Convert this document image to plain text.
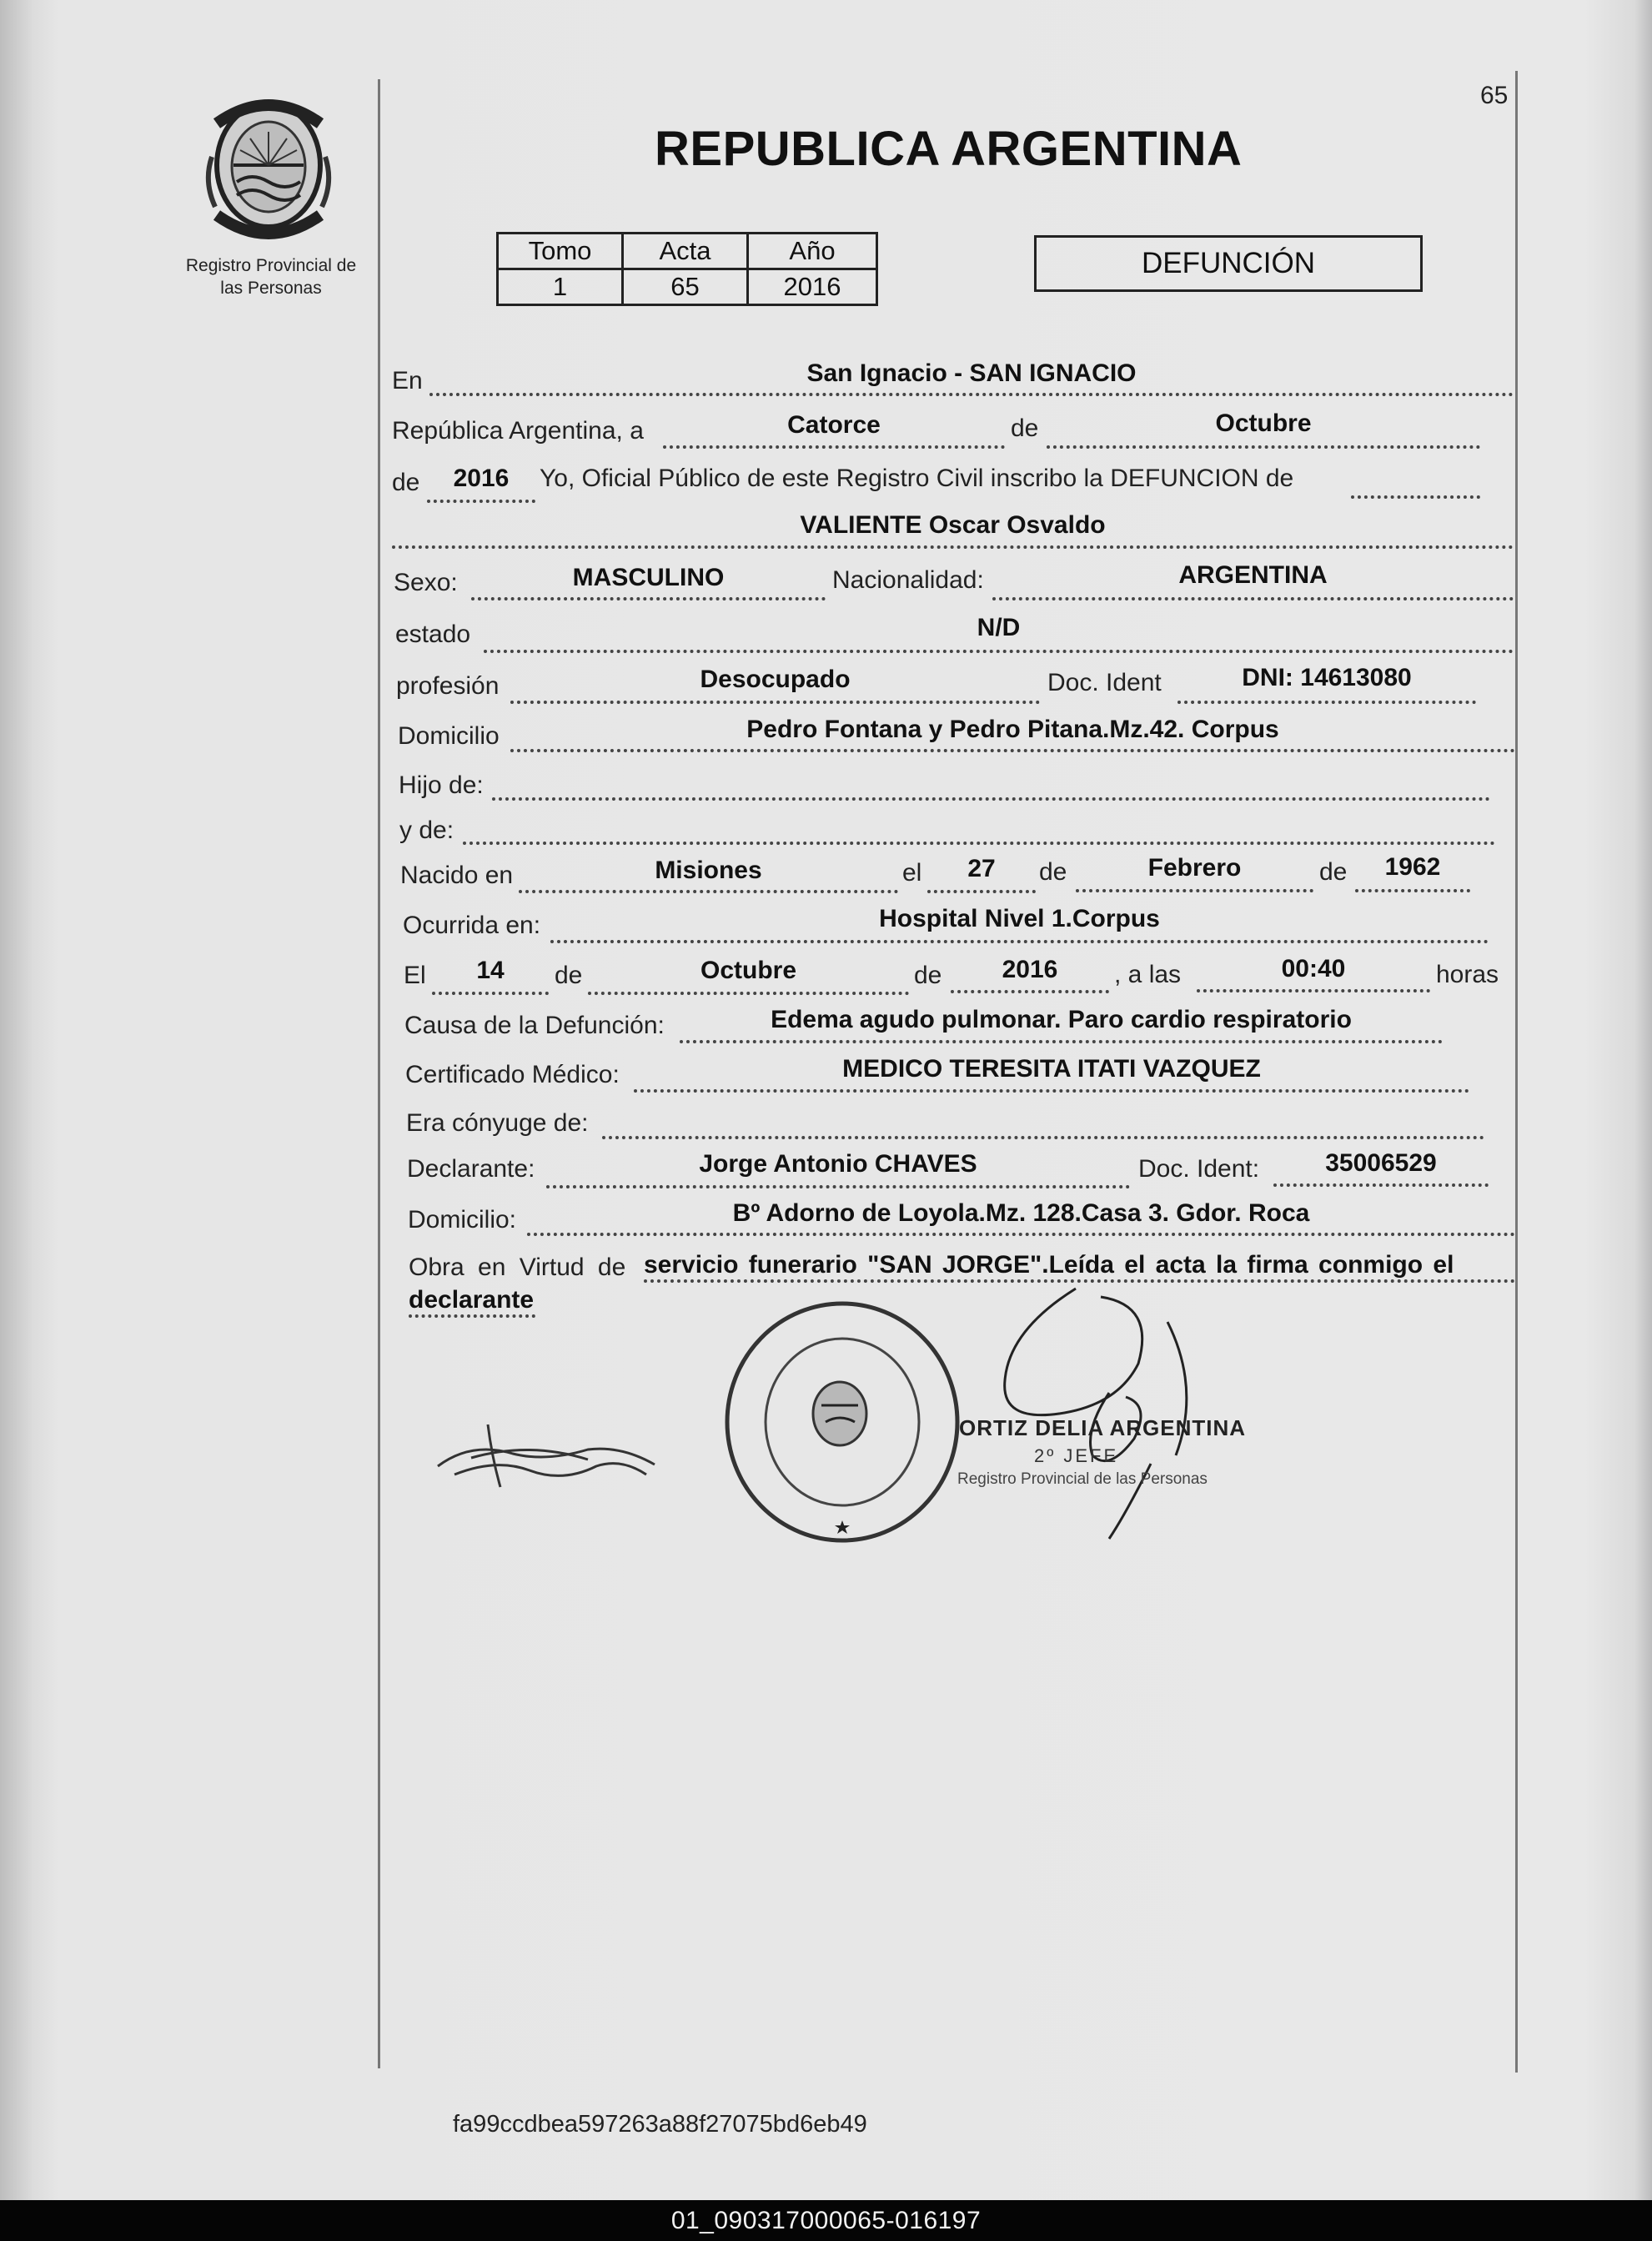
65
Registro Provincial de
las Personas
REPUBLICA ARGENTINA
Tomo	Acta	Año
1	65	2016
DEFUNCIÓN
En	San Ignacio - SAN IGNACIO
República Argentina, a	Catorce	de	Octubre
de	2016	Yo, Oficial Público de este Registro Civil inscribo la DEFUNCION de
VALIENTE Oscar Osvaldo
Sexo:	MASCULINO	Nacionalidad:	ARGENTINA
estado	N/D
profesión	Desocupado	Doc. Ident	DNI: 14613080
Domicilio	Pedro Fontana y Pedro Pitana.Mz.42. Corpus
Hijo de:
y de:
Nacido en	Misiones	el	27	de	Febrero	de	1962
Ocurrida en:	Hospital Nivel 1.Corpus
El	14	de	Octubre	de	2016	, a las	00:40	horas
Causa de la Defunción:	Edema agudo pulmonar. Paro cardio respiratorio
Certificado Médico:	MEDICO TERESITA ITATI VAZQUEZ
Era cónyuge de:
Declarante:	Jorge Antonio CHAVES	Doc. Ident:	35006529
Domicilio:	Bº Adorno de Loyola.Mz. 128.Casa 3. Gdor. Roca
Obra en Virtud de servicio funerario "SAN JORGE".Leída el acta la firma conmigo el
declarante
ORTIZ DELIA ARGENTINA
2º JEFE
Registro Provincial de las Personas
fa99ccdbea597263a88f27075bd6eb49
01_090317000065-016197
